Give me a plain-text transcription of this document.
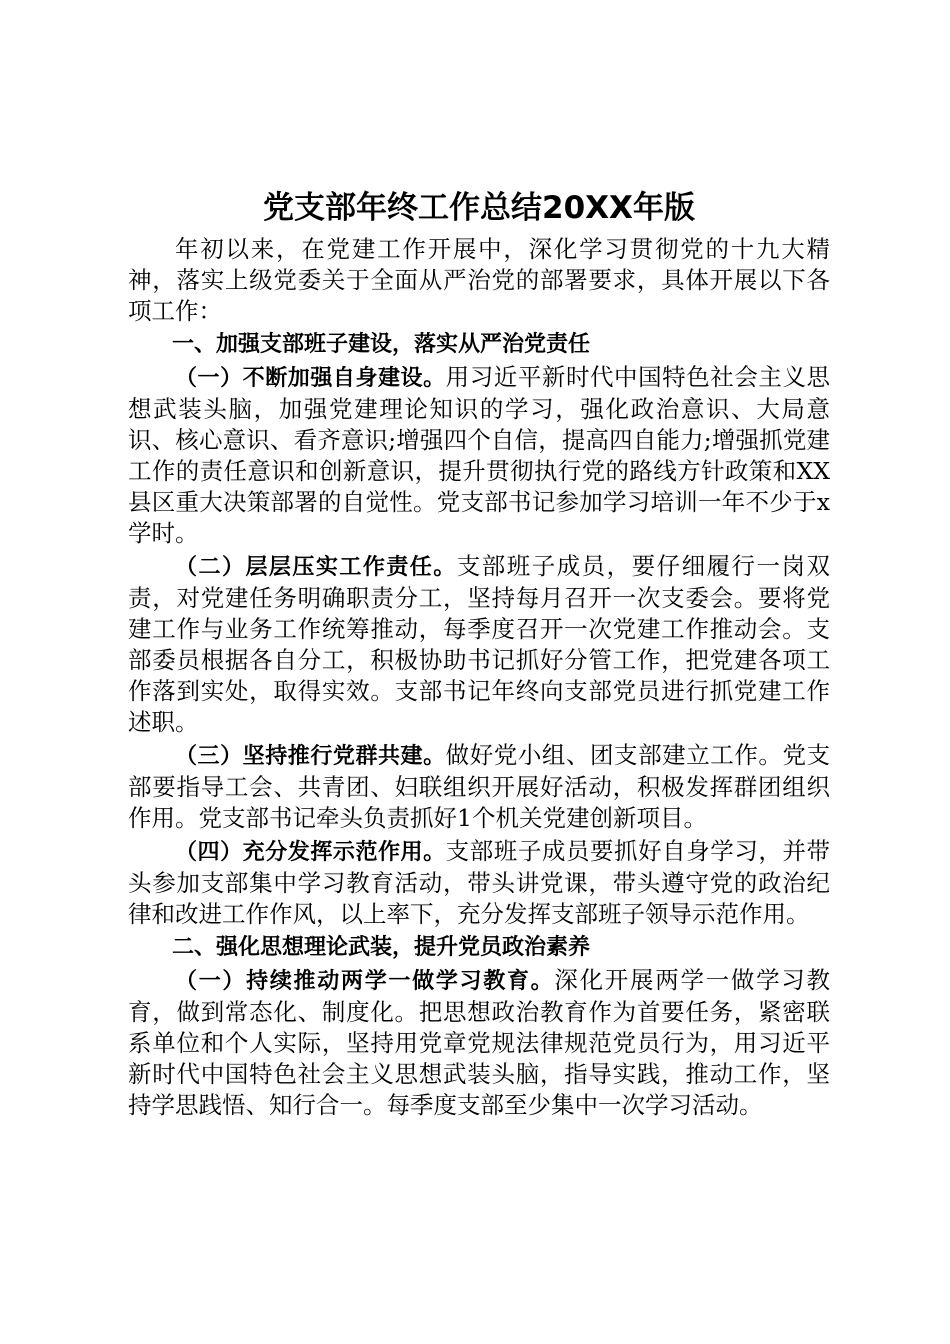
党支部年终工作总结20XX年版

年初以来，在党建工作开展中，深化学习贯彻党的十九大精神，落实上级党委关于全面从严治党的部署要求，具体开展以下各项工作：

一、加强支部班子建设，落实从严治党责任

（一）不断加强自身建设。用习近平新时代中国特色社会主义思想武装头脑，加强党建理论知识的学习，强化政治意识、大局意识、核心意识、看齐意识;增强四个自信，提高四自能力;增强抓党建工作的责任意识和创新意识，提升贯彻执行党的路线方针政策和XX县区重大决策部署的自觉性。党支部书记参加学习培训一年不少于x学时。

（二）层层压实工作责任。支部班子成员，要仔细履行一岗双责，对党建任务明确职责分工，坚持每月召开一次支委会。要将党建工作与业务工作统筹推动，每季度召开一次党建工作推动会。支部委员根据各自分工，积极协助书记抓好分管工作，把党建各项工作落到实处，取得实效。支部书记年终向支部党员进行抓党建工作述职。

（三）坚持推行党群共建。做好党小组、团支部建立工作。党支部要指导工会、共青团、妇联组织开展好活动，积极发挥群团组织作用。党支部书记牵头负责抓好1个机关党建创新项目。

（四）充分发挥示范作用。支部班子成员要抓好自身学习，并带头参加支部集中学习教育活动，带头讲党课，带头遵守党的政治纪律和改进工作作风，以上率下，充分发挥支部班子领导示范作用。

二、强化思想理论武装，提升党员政治素养

（一）持续推动两学一做学习教育。深化开展两学一做学习教育，做到常态化、制度化。把思想政治教育作为首要任务，紧密联系单位和个人实际，坚持用党章党规法律规范党员行为，用习近平新时代中国特色社会主义思想武装头脑，指导实践，推动工作，坚持学思践悟、知行合一。每季度支部至少集中一次学习活动。
